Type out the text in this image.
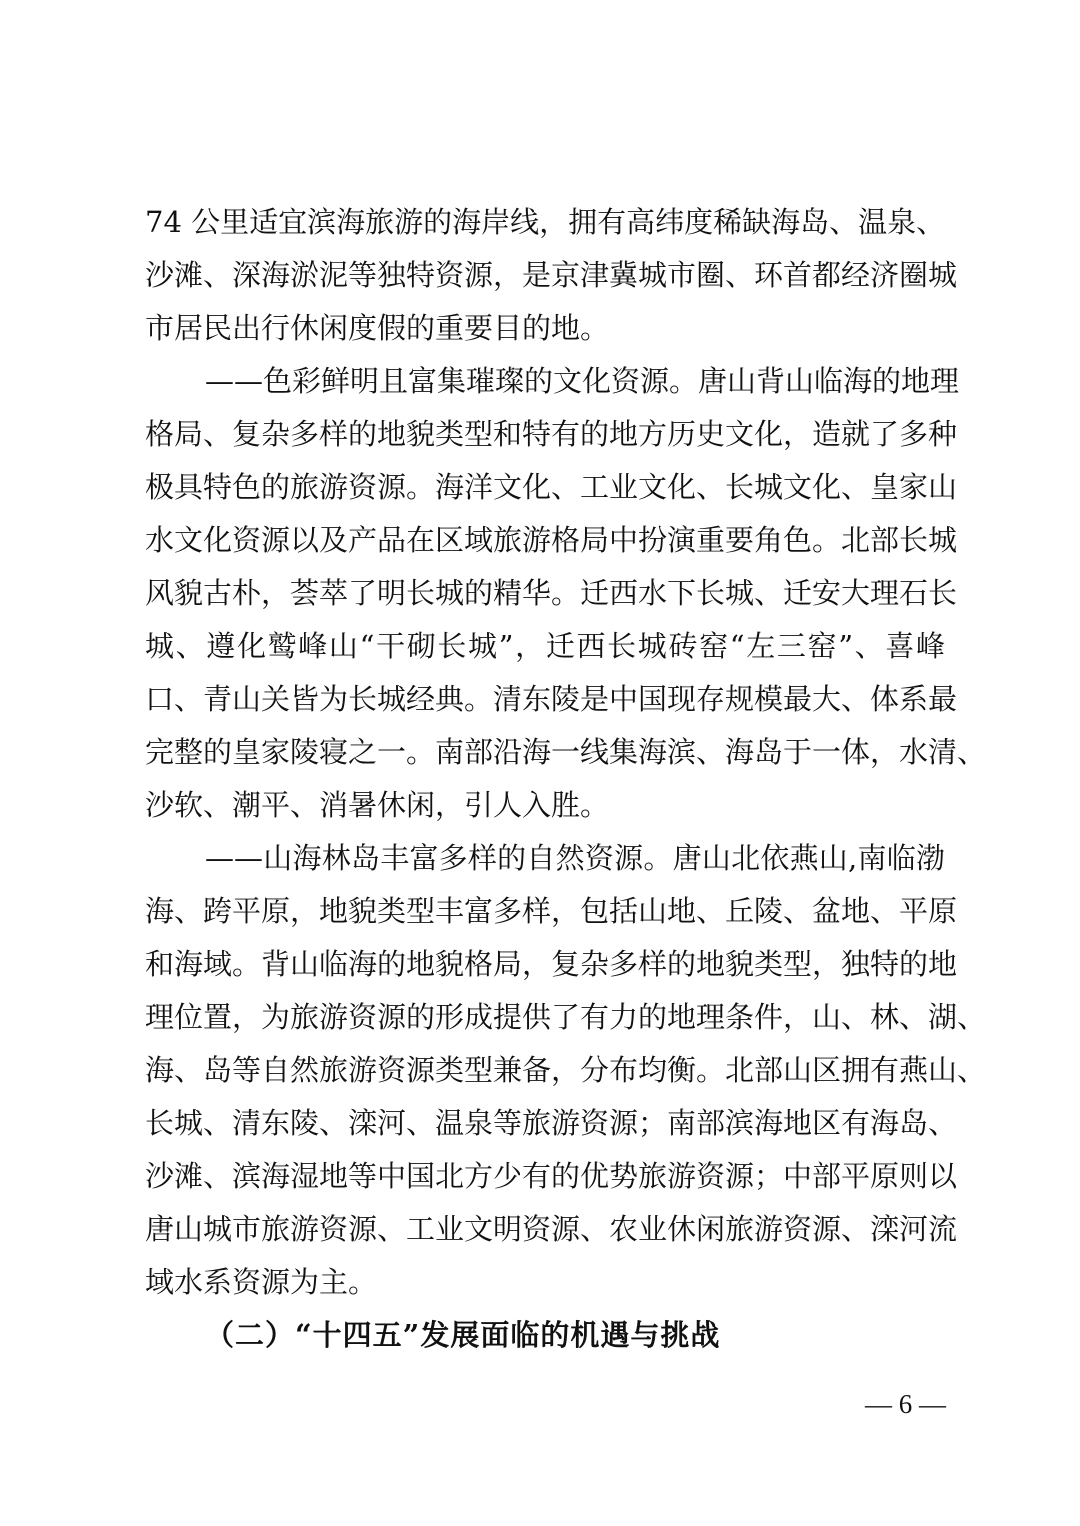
74 公里适宜滨海旅游的海岸线，拥有高纬度稀缺海岛、温泉、
沙滩、深海淤泥等独特资源，是京津冀城市圈、环首都经济圈城
市居民出行休闲度假的重要目的地。
——色彩鲜明且富集璀璨的文化资源。唐山背山临海的地理
格局、复杂多样的地貌类型和特有的地方历史文化，造就了多种
极具特色的旅游资源。海洋文化、工业文化、长城文化、皇家山
水文化资源以及产品在区域旅游格局中扮演重要角色。北部长城
风貌古朴，荟萃了明长城的精华。迁西水下长城、迁安大理石长
城、遵化鹫峰山“干砌长城”，迁西长城砖窑“左三窑”、喜峰
口、青山关皆为长城经典。清东陵是中国现存规模最大、体系最
完整的皇家陵寝之一。南部沿海一线集海滨、海岛于一体，水清、
沙软、潮平、消暑休闲，引人入胜。
——山海林岛丰富多样的自然资源。唐山北依燕山,南临渤
海、跨平原，地貌类型丰富多样，包括山地、丘陵、盆地、平原
和海域。背山临海的地貌格局，复杂多样的地貌类型，独特的地
理位置，为旅游资源的形成提供了有力的地理条件，山、林、湖、
海、岛等自然旅游资源类型兼备，分布均衡。北部山区拥有燕山、
长城、清东陵、滦河、温泉等旅游资源；南部滨海地区有海岛、
沙滩、滨海湿地等中国北方少有的优势旅游资源；中部平原则以
唐山城市旅游资源、工业文明资源、农业休闲旅游资源、滦河流
域水系资源为主。
（二）“十四五”发展面临的机遇与挑战
— 6 —
